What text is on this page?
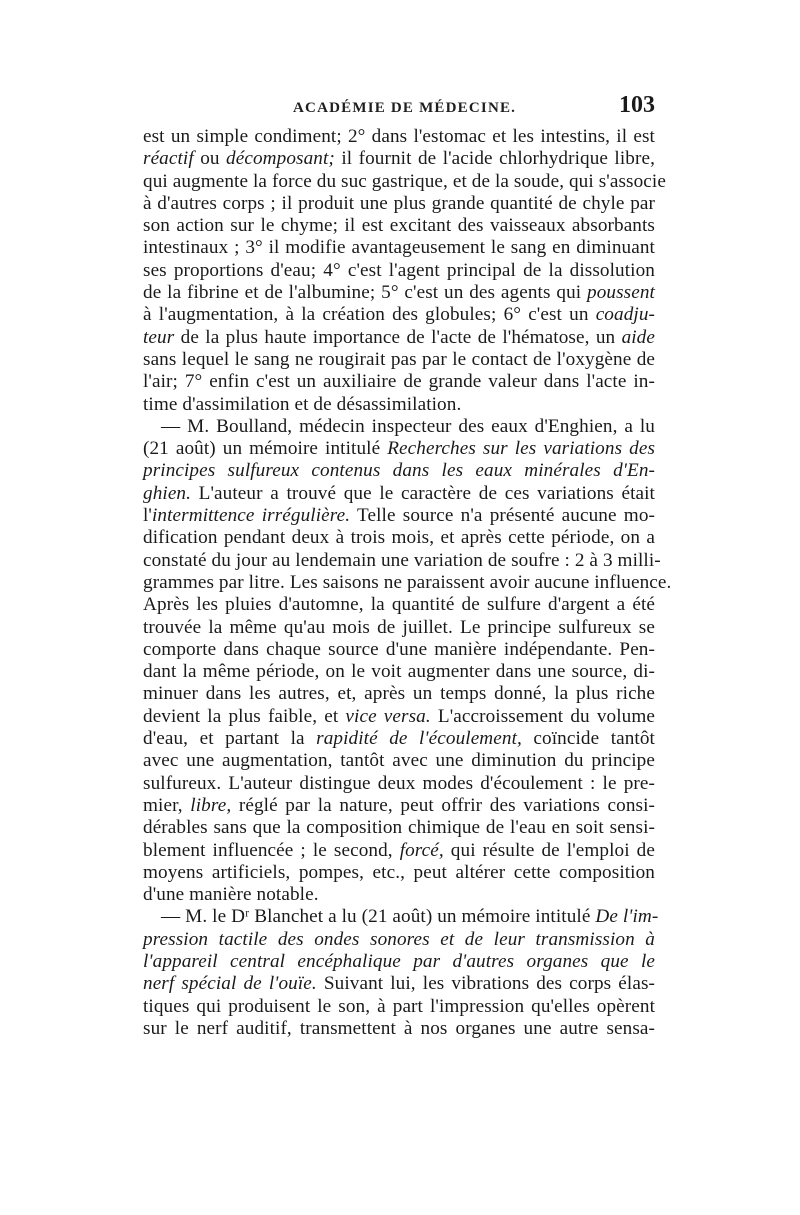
ACADÉMIE DE MÉDECINE.	103
est un simple condiment; 2° dans l'estomac et les intestins, il est
réactif ou décomposant; il fournit de l'acide chlorhydrique libre,
qui augmente la force du suc gastrique, et de la soude, qui s'associe
à d'autres corps ; il produit une plus grande quantité de chyle par
son action sur le chyme; il est excitant des vaisseaux absorbants
intestinaux ; 3° il modifie avantageusement le sang en diminuant
ses proportions d'eau; 4° c'est l'agent principal de la dissolution
de la fibrine et de l'albumine; 5° c'est un des agents qui poussent
à l'augmentation, à la création des globules; 6° c'est un coadju-
teur de la plus haute importance de l'acte de l'hématose, un aide
sans lequel le sang ne rougirait pas par le contact de l'oxygène de
l'air; 7° enfin c'est un auxiliaire de grande valeur dans l'acte in-
time d'assimilation et de désassimilation.
— M. Boulland, médecin inspecteur des eaux d'Enghien, a lu
(21 août) un mémoire intitulé Recherches sur les variations des
principes sulfureux contenus dans les eaux minérales d'En-
ghien. L'auteur a trouvé que le caractère de ces variations était
l'intermittence irrégulière. Telle source n'a présenté aucune mo-
dification pendant deux à trois mois, et après cette période, on a
constaté du jour au lendemain une variation de soufre : 2 à 3 milli-
grammes par litre. Les saisons ne paraissent avoir aucune influence.
Après les pluies d'automne, la quantité de sulfure d'argent a été
trouvée la même qu'au mois de juillet. Le principe sulfureux se
comporte dans chaque source d'une manière indépendante. Pen-
dant la même période, on le voit augmenter dans une source, di-
minuer dans les autres, et, après un temps donné, la plus riche
devient la plus faible, et vice versa. L'accroissement du volume
d'eau, et partant la rapidité de l'écoulement, coïncide tantôt
avec une augmentation, tantôt avec une diminution du principe
sulfureux. L'auteur distingue deux modes d'écoulement : le pre-
mier, libre, réglé par la nature, peut offrir des variations consi-
dérables sans que la composition chimique de l'eau en soit sensi-
blement influencée ; le second, forcé, qui résulte de l'emploi de
moyens artificiels, pompes, etc., peut altérer cette composition
d'une manière notable.
— M. le Dʳ Blanchet a lu (21 août) un mémoire intitulé De l'im-
pression tactile des ondes sonores et de leur transmission à
l'appareil central encéphalique par d'autres organes que le
nerf spécial de l'ouïe. Suivant lui, les vibrations des corps élas-
tiques qui produisent le son, à part l'impression qu'elles opèrent
sur le nerf auditif, transmettent à nos organes une autre sensa-
